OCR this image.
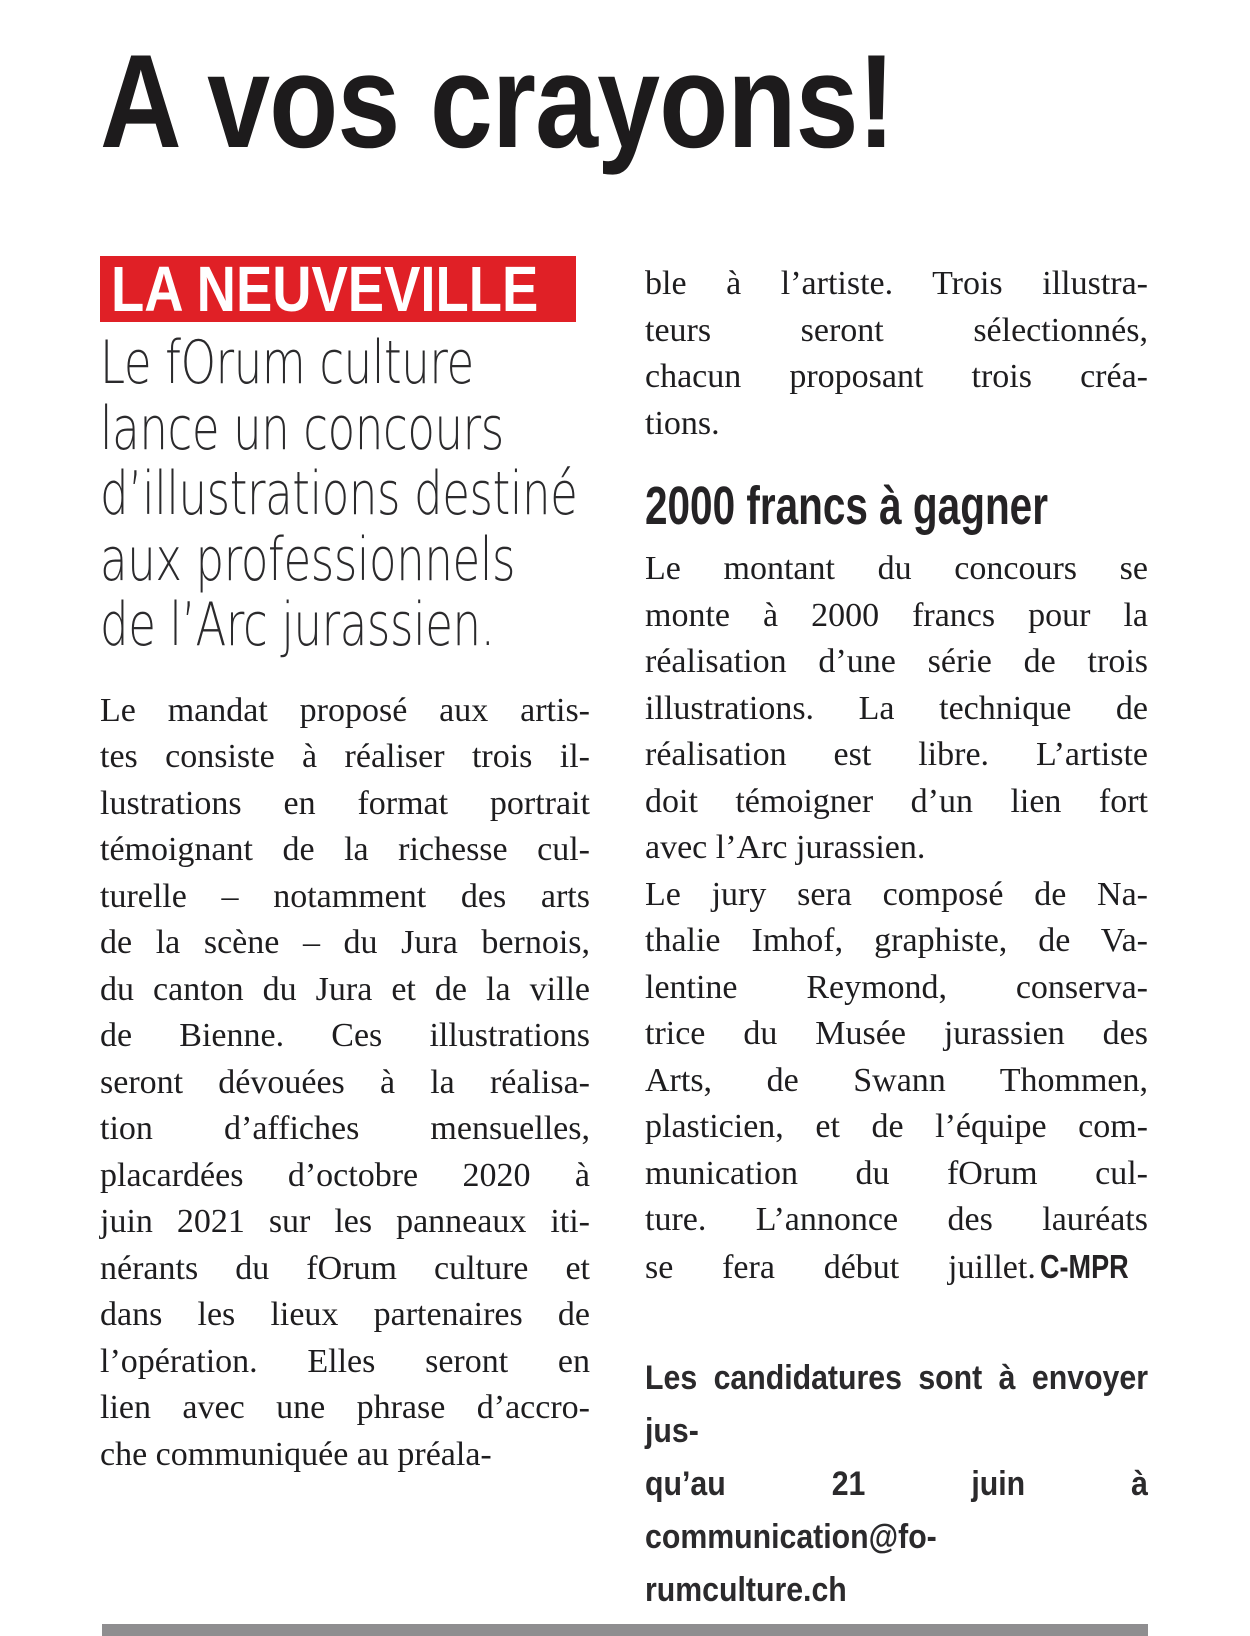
A vos crayons!
LA NEUVEVILLE
Le fOrum culture
lance un concours
d’illustrations destiné
aux professionnels
de l’Arc jurassien.
Le mandat proposé aux artis-
tes consiste à réaliser trois il-
lustrations en format portrait
témoignant de la richesse cul-
turelle – notamment des arts
de la scène – du Jura bernois,
du canton du Jura et de la ville
de Bienne. Ces illustrations
seront dévouées à la réalisa-
tion d’affiches mensuelles,
placardées d’octobre 2020 à
juin 2021 sur les panneaux iti-
nérants du fOrum culture et
dans les lieux partenaires de
l’opération. Elles seront en
lien avec une phrase d’accro-
che communiquée au préala-
ble à l’artiste. Trois illustra-
teurs seront sélectionnés,
chacun proposant trois créa-
tions.
2000 francs à gagner
Le montant du concours se
monte à 2000 francs pour la
réalisation d’une série de trois
illustrations. La technique de
réalisation est libre. L’artiste
doit témoigner d’un lien fort
avec l’Arc jurassien.
Le jury sera composé de Na-
thalie Imhof, graphiste, de Va-
lentine Reymond, conserva-
trice du Musée jurassien des
Arts, de Swann Thommen,
plasticien, et de l’équipe com-
munication du fOrum cul-
ture. L’annonce des lauréats
se fera début juillet. C-MPR
Les candidatures sont à envoyer jus-
qu’au 21 juin à communication@fo-
rumculture.ch
